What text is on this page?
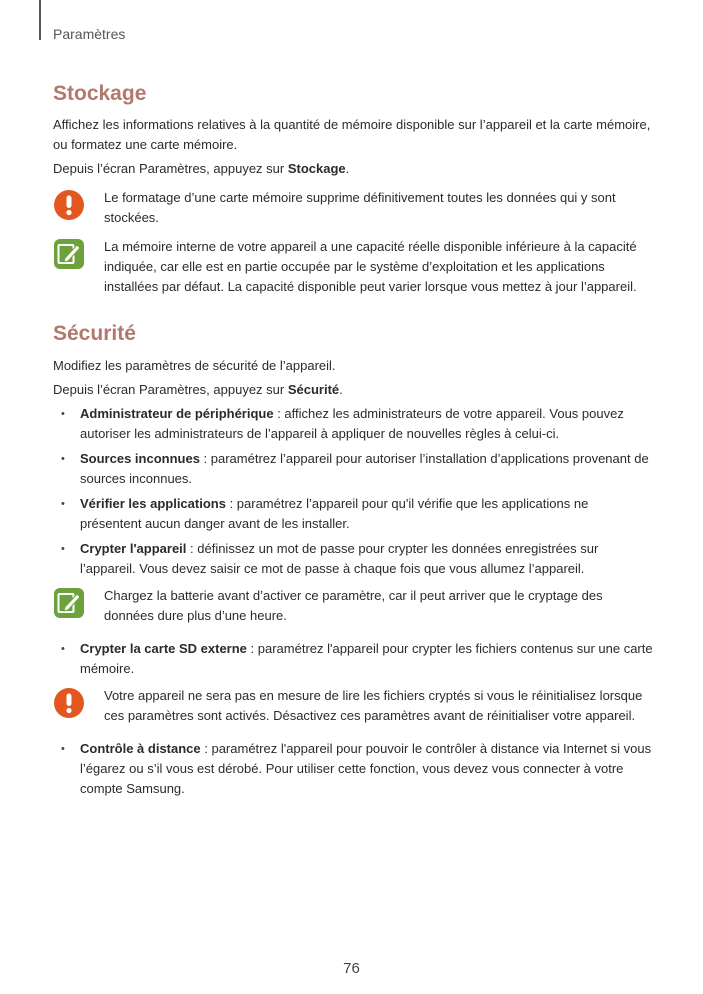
Paramètres
Stockage

Affichez les informations relatives à la quantité de mémoire disponible sur l’appareil et la carte mémoire, ou formatez une carte mémoire.

Depuis l’écran Paramètres, appuyez sur Stockage.

Le formatage d’une carte mémoire supprime définitivement toutes les données qui y sont stockées.
La mémoire interne de votre appareil a une capacité réelle disponible inférieure à la capacité indiquée, car elle est en partie occupée par le système d’exploitation et les applications installées par défaut. La capacité disponible peut varier lorsque vous mettez à jour l’appareil.
Sécurité

Modifiez les paramètres de sécurité de l’appareil.

Depuis l’écran Paramètres, appuyez sur Sécurité.

• Administrateur de périphérique : affichez les administrateurs de votre appareil. Vous pouvez autoriser les administrateurs de l’appareil à appliquer de nouvelles règles à celui-ci.
• Sources inconnues : paramétrez l’appareil pour autoriser l’installation d’applications provenant de sources inconnues.
• Vérifier les applications : paramétrez l’appareil pour qu'il vérifie que les applications ne présentent aucun danger avant de les installer.
• Crypter l'appareil : définissez un mot de passe pour crypter les données enregistrées sur l’appareil. Vous devez saisir ce mot de passe à chaque fois que vous allumez l’appareil.
Chargez la batterie avant d’activer ce paramètre, car il peut arriver que le cryptage des données dure plus d’une heure.
• Crypter la carte SD externe : paramétrez l'appareil pour crypter les fichiers contenus sur une carte mémoire.
Votre appareil ne sera pas en mesure de lire les fichiers cryptés si vous le réinitialisez lorsque ces paramètres sont activés. Désactivez ces paramètres avant de réinitialiser votre appareil.
• Contrôle à distance : paramétrez l'appareil pour pouvoir le contrôler à distance via Internet si vous l’égarez ou s’il vous est dérobé. Pour utiliser cette fonction, vous devez vous connecter à votre compte Samsung.
76
